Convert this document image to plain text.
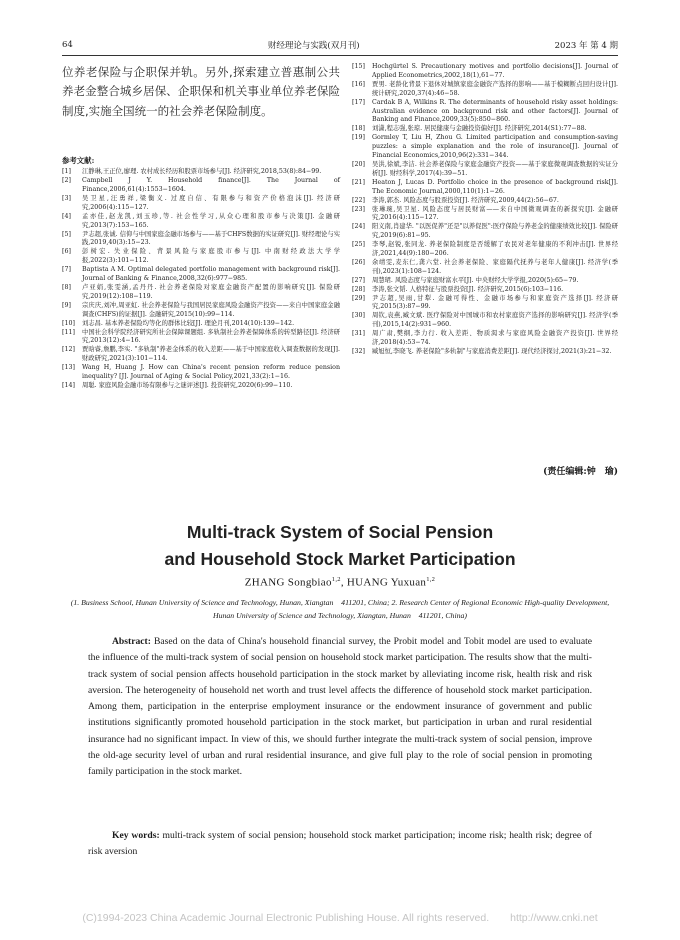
64	财经理论与实践(双月刊)	2023 年 第 4 期
位养老保险与企职保并轨。另外,探索建立普惠制公共养老金整合城乡居保、企职保和机关事业单位养老保险制度,实施全国统一的社会养老保险制度。
参考文献:
[1]	江静琳,王正位,廖理. 农村成长经历和股票市场参与[J]. 经济研究,2018,53(8):84−99.
[2]	Campbell J Y. Household finance[J]. The Journal of Finance,2006,61(4):1553−1604.
[3]	吴卫星,汪勇祥,梁衡义. 过度自信、有限参与和资产价格泡沫[J]. 经济研究,2006(4):115−127.
[4]	孟亦佳,赵龙凯,刘玉珍,等. 社会性学习,从众心理和股市参与决策[J]. 金融研究,2013(7):153−165.
[5]	尹志超,张诚. 信仰与中国家庭金融市场参与——基于CHFS数据的实证研究[J]. 财经理论与实践,2019,40(3):15−23.
[6]	彭树宏. 失业保险、背景风险与家庭股市参与[J]. 中南财经政法大学学报,2022(3):101−112.
[7]	Baptista A M. Optimal delegated portfolio management with background risk[J]. Journal of Banking & Finance,2008,32(6):977−985.
[8]	卢亚娟,张雯涵,孟丹丹. 社会养老保险对家庭金融资产配置的影响研究[J]. 保险研究,2019(12):108−119.
[9]	宗庆庆,刘冲,周亚虹. 社会养老保险与我国居民家庭风险金融资产投资——来自中国家庭金融调查(CHFS)的证据[J]. 金融研究,2015(10):99−114.
[10]	刘志昌. 基本养老保险均等化的群体比较[J]. 理论月刊,2014(10):139−142.
[11]	中国社会科学院经济研究所社会保障课题组. 多轨制社会养老保障体系的转型路径[J]. 经济研究,2013(12):4−16.
[12]	贾晗睿,詹鹏,李实. "多轨制"养老金体系的收入差距——基于中国家庭收入调查数据的发现[J]. 财政研究,2021(3):101−114.
[13]	Wang H, Huang J. How can China's recent pension reform reduce pension inequality? [J]. Journal of Aging & Social Policy,2021,33(2):1−16.
[14]	周聪. 家庭风险金融市场有限参与之谜评述[J]. 投资研究,2020(6):99−110.
[15]	Hochgürtel S. Precautionary motives and portfolio decisions[J]. Journal of Applied Econometrics,2002,18(1),61−77.
[16]	贾男. 老龄化背景下退休对城镇家庭金融资产选择的影响——基于模糊断点回归设计[J]. 统计研究,2020,37(4):46−58.
[17]	Cardak B A, Wilkins R. The determinants of household risky asset holdings: Australian evidence on background risk and other factors[J]. Journal of Banking and Finance,2009,33(5):850−860.
[18]	刘潇,程志强,张琼. 居民健康与金融投资偏好[J]. 经济研究,2014(S1):77−88.
[19]	Gormley T, Liu H, Zhou G. Limited participation and consumption-saving puzzles: a simple explanation and the role of insurance[J]. Journal of Financial Economics,2010,96(2):331−344.
[20]	吴洪,徐斌,李洁. 社会养老保险与家庭金融资产投资——基于家庭微观调查数据的实证分析[J]. 财经科学,2017(4):39−51.
[21]	Heaton J, Lucas D. Portfolio choice in the presence of background risk[J]. The Economic Journal,2000,110(1):1−26.
[22]	李涛,郭杰. 风险态度与股票投资[J]. 经济研究,2009,44(2):56−67.
[23]	张琳琬,吴卫星. 风险态度与居民财富——来自中国微观调查的新探究[J]. 金融研究,2016(4):115−127.
[24]	阳义南,肖建华. "以医促养"还是"以养促医":医疗保险与养老金的健康绩效比较[J]. 保险研究,2019(6):81−95.
[25]	李琴,赵锐,张同龙. 养老保险制度是否缓解了农民对老年健康的不利冲击[J]. 世界经济,2021,44(9):180−206.
[26]	余靖雯,麦东仁,龚六堂. 社会养老保险、家庭隔代抚养与老年人健康[J]. 经济学(季刊),2023(1):108−124.
[27]	周慧珺. 风险态度与家庭财富水平[J]. 中央财经大学学报,2020(5):65−79.
[28]	李涛,张文韬. 人格特征与股票投资[J]. 经济研究,2015(6):103−116.
[29]	尹志超,吴雨,甘犁. 金融可得性、金融市场参与和家庭资产选择[J]. 经济研究,2015(3):87−99.
[30]	周钦,袁燕,臧文斌. 医疗保险对中国城市和农村家庭资产选择的影响研究[J]. 经济学(季刊),2015,14(2):931−960.
[31]	周广肃,樊纲,李力行. 收入差距、物质渴求与家庭风险金融资产投资[J]. 世界经济,2018(4):53−74.
[32]	臧旭恒,李晓飞. 养老保险"多轨制"与家庭消费差距[J]. 现代经济探讨,2021(3):21−32.
(责任编辑:钟　瑜)
Multi-track System of Social Pension
and Household Stock Market Participation
ZHANG Songbiao$^{1,2}$, HUANG Yuxuan$^{1,2}$
(1. Business School, Hunan University of Science and Technology, Hunan, Xiangtan　411201, China; 2. Research Center of Regional Economic High-quality Development, Hunan University of Science and Technology, Xiangtan, Hunan　411201, China)
Abstract: Based on the data of China's household financial survey, the Probit model and Tobit model are used to evaluate the influence of the multi-track system of social pension on household stock market participation. The results show that the multi-track system of social pension affects household participation in the stock market by alleviating income risk, health risk and risk aversion. The heterogeneity of household net worth and trust level affects the difference of household stock market participation. Among them, participation in the enterprise employment insurance or the endowment insurance of government and public institutions significantly promoted household participation in the stock market, but participation in urban and rural residential insurance had no significant impact. In view of this, we should further integrate the multi-track system of social pension, improve the old-age security level of urban and rural residential insurance, and give full play to the role of social pension in promoting family participation in the stock market.
Key words: multi-track system of social pension; household stock market participation; income risk; health risk; degree of risk aversion
(C)1994-2023 China Academic Journal Electronic Publishing House. All rights reserved.　　http://www.cnki.net
